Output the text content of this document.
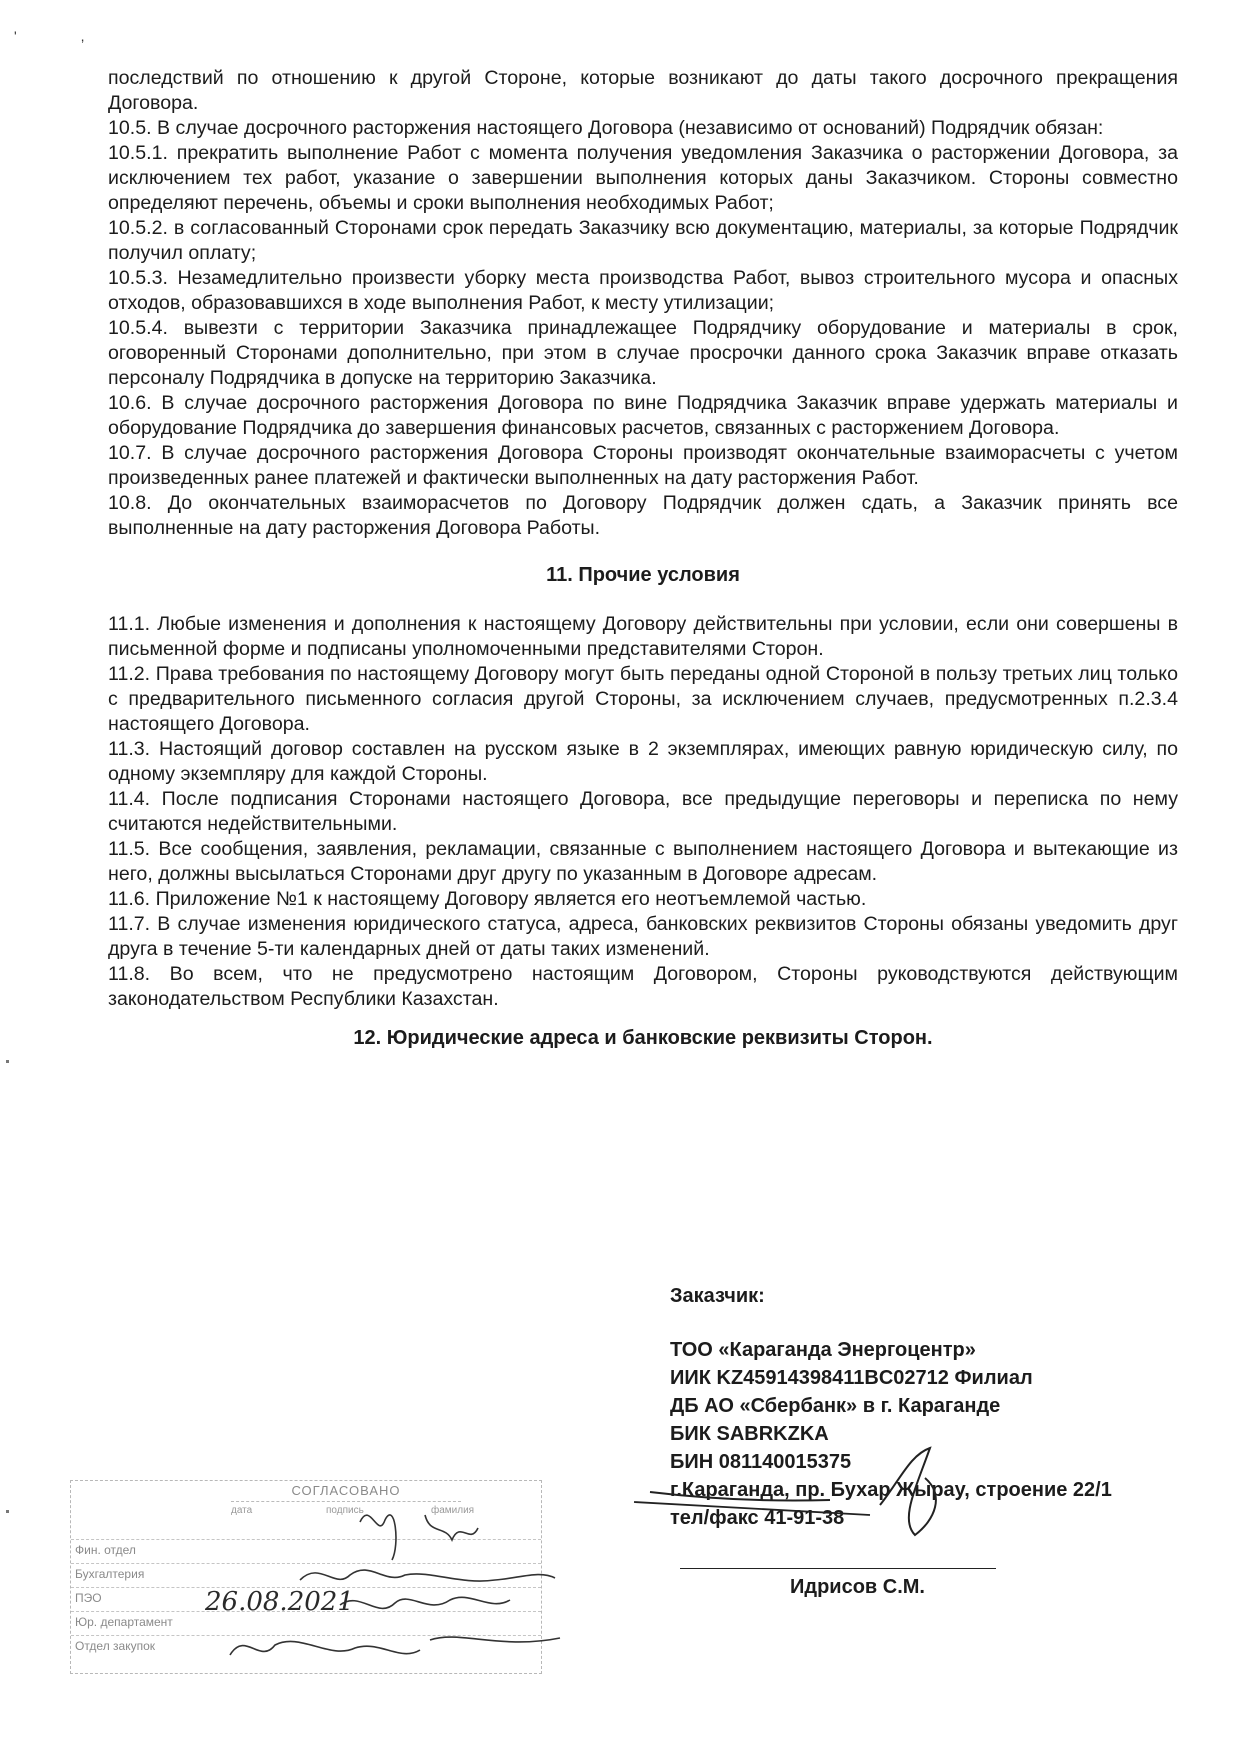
' ,

последствий по отношению к другой Стороне, которые возникают до даты такого досрочного прекращения Договора.

10.5. В случае досрочного расторжения настоящего Договора (независимо от оснований) Подрядчик обязан:

10.5.1. прекратить выполнение Работ с момента получения уведомления Заказчика о расторжении Договора, за исключением тех работ, указание о завершении выполнения которых даны Заказчиком. Стороны совместно определяют перечень, объемы и сроки выполнения необходимых Работ;

10.5.2. в согласованный Сторонами срок передать Заказчику всю документацию, материалы, за которые Подрядчик получил оплату;

10.5.3. Незамедлительно произвести уборку места производства Работ, вывоз строительного мусора и опасных отходов, образовавшихся в ходе выполнения Работ, к месту утилизации;

10.5.4. вывезти с территории Заказчика принадлежащее Подрядчику оборудование и материалы в срок, оговоренный Сторонами дополнительно, при этом в случае просрочки данного срока Заказчик вправе отказать персоналу Подрядчика в допуске на территорию Заказчика.

10.6. В случае досрочного расторжения Договора по вине Подрядчика Заказчик вправе удержать материалы и оборудование Подрядчика до завершения финансовых расчетов, связанных с расторжением Договора.

10.7. В случае досрочного расторжения Договора Стороны производят окончательные взаиморасчеты с учетом произведенных ранее платежей и фактически выполненных на дату расторжения Работ.

10.8. До окончательных взаиморасчетов по Договору Подрядчик должен сдать, а Заказчик принять все выполненные на дату расторжения Договора Работы.

11. Прочие условия

11.1. Любые изменения и дополнения к настоящему Договору действительны при условии, если они совершены в письменной форме и подписаны уполномоченными представителями Сторон.

11.2. Права требования по настоящему Договору могут быть переданы одной Стороной в пользу третьих лиц только с предварительного письменного согласия другой Стороны, за исключением случаев, предусмотренных п.2.3.4 настоящего Договора.

11.3. Настоящий договор составлен на русском языке в 2 экземплярах, имеющих равную юридическую силу, по одному экземпляру для каждой Стороны.

11.4. После подписания Сторонами настоящего Договора, все предыдущие переговоры и переписка по нему считаются недействительными.

11.5. Все сообщения, заявления, рекламации, связанные с выполнением настоящего Договора и вытекающие из него, должны высылаться Сторонами друг другу по указанным в Договоре адресам.

11.6. Приложение №1 к настоящему Договору является его неотъемлемой частью.

11.7. В случае изменения юридического статуса, адреса, банковских реквизитов Стороны обязаны уведомить друг друга в течение 5-ти календарных дней от даты таких изменений.

11.8. Во всем, что не предусмотрено настоящим Договором, Стороны руководствуются действующим законодательством Республики Казахстан.

12. Юридические адреса и банковские реквизиты Сторон.

Заказчик:
ТОО «Караганда Энергоцентр»
ИИК KZ45914398411BC02712 Филиал
ДБ АО «Сбербанк» в г. Караганде
БИК SABRKZKA
БИН 081140015375
г.Караганда, пр. Бухар Жырау, строение 22/1
тел/факс 41-91-38
Идрисов С.М.
СОГЛАСОВАНО
дата	подпись	фамилия
Фин. отдел
Бухгалтерия
ПЭО
Юр. департамент
Отдел закупок
26.08.2021
